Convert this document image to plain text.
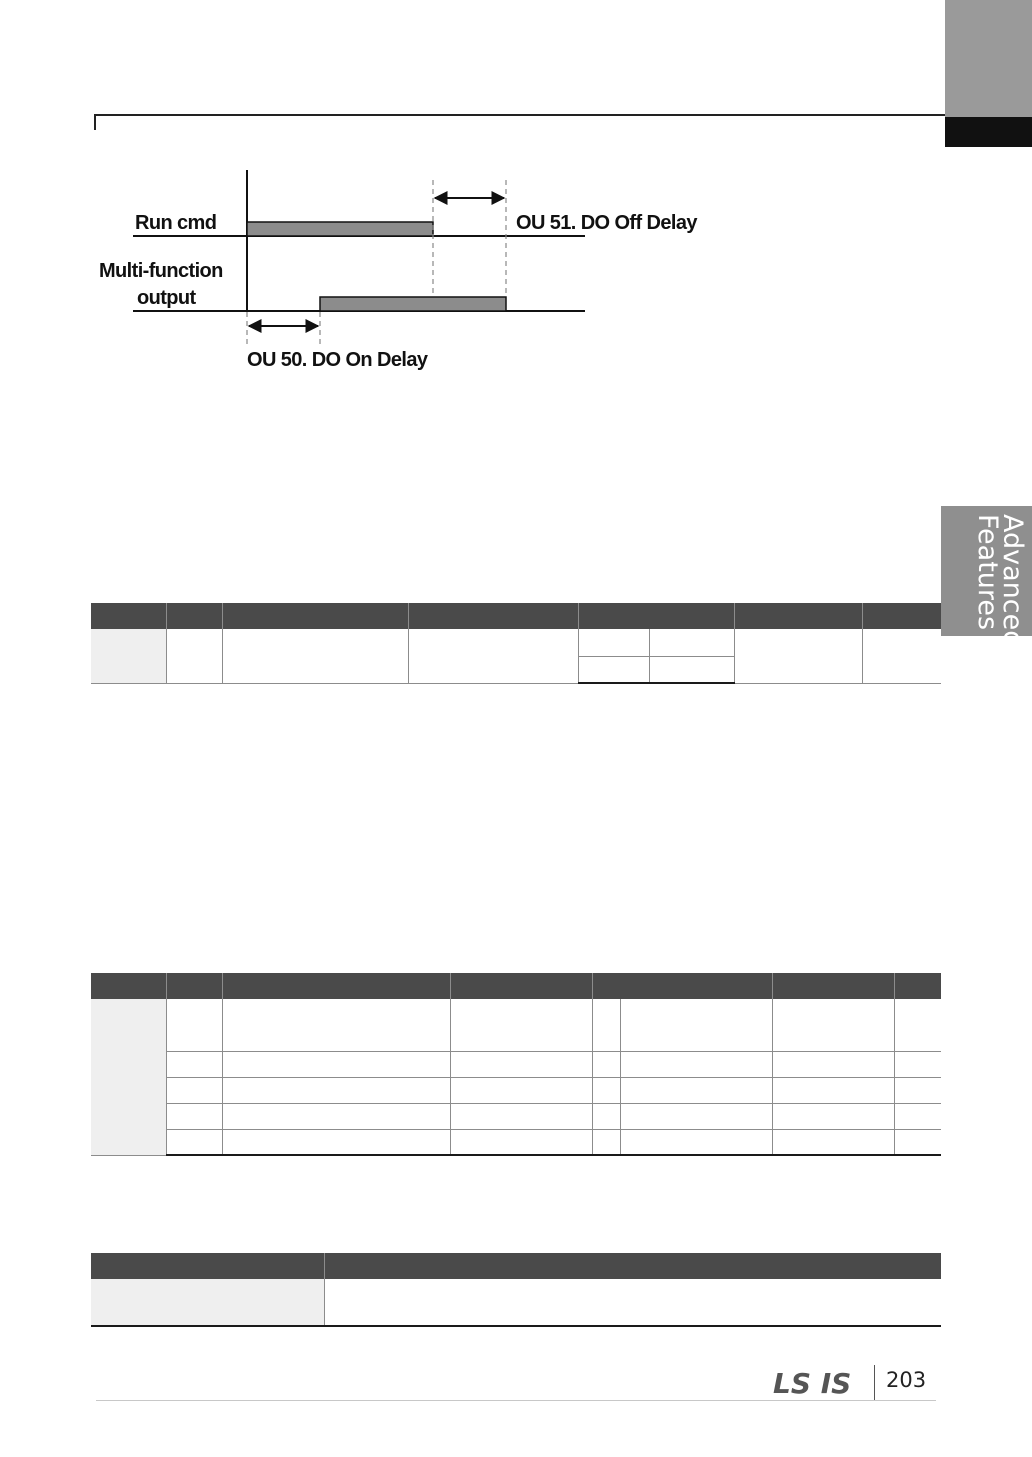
Advanced
Features
Run cmd
Multi-function
output
OU 51. DO Off Delay
OU 50. DO On Delay

LS IS 203
